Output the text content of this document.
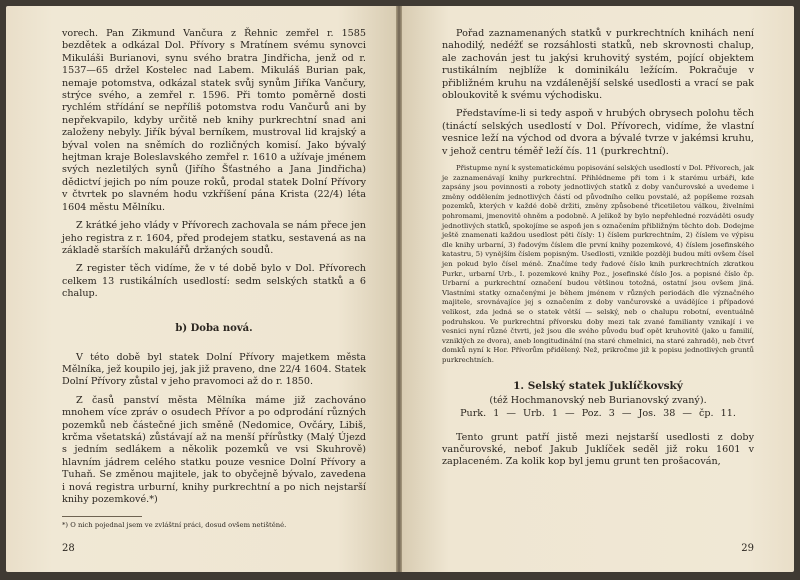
vorech. Pan Zikmund Vančura z Řehnic zemřel r. 1585 bezdětek a odkázal Dol. Přívory s Mratínem svému synovci Mikuláši Burianovi, synu svého bratra Jindřicha, jenž od r. 1537—65 držel Kostelec nad Labem. Mikuláš Burian pak, nemaje potomstva, odkázal statek svůj synům Jiříka Vančury, strýce svého, a zemřel r. 1596. Při tomto poměrně dosti rychlém střídání se nepříliš potomstva rodu Vančurů ani by nepřekvapilo, kdyby určitě neb knihy purkrechtní snad ani založeny nebyly. Jiřík býval berníkem, mustroval lid krajský a býval volen na sněmích do rozličných komisí. Jako bývalý hejtman kraje Boleslavského zemřel r. 1610 a užívaje jménem svých nezletilých synů (Jiřího Šťastného a Jana Jindřicha) dědictví jejich po ním pouze roků, prodal statek Dolní Přívory v čtvrtek po slavném hodu vzkříšení pána Krista (22/4) léta 1604 městu Mělníku.

Z krátké jeho vlády v Přívorech zachovala se nám přece jen jeho registra z r. 1604, před prodejem statku, sestavená as na základě starších makulářů držaných soudů.

Z register těch vidíme, že v té době bylo v Dol. Přívorech celkem 13 rustikálních usedlostí: sedm selských statků a 6 chalup.

b) Doba nová.

V této době byl statek Dolní Přívory majetkem města Mělníka, jež koupilo jej, jak již praveno, dne 22/4 1604. Statek Dolní Přívory zůstal v jeho pravomoci až do r. 1850.

Z časů panství města Mělníka máme již zachováno mnohem více zpráv o osudech Přívor a po odprodání různých pozemků neb částečné jich směně (Nedomice, Ovčáry, Libiš, krčma všetatská) zůstávají až na menší přírůstky (Malý Újezd s jedním sedlákem a několik pozemků ve vsi Skuhrově) hlavním jádrem celého statku pouze vesnice Dolní Přívory a Tuhaň. Se změnou majitele, jak to obyčejně bývalo, zavedena i nová registra urburní, knihy purkrechtní a po nich nejstarší knihy pozemkové.*)

*) O nich pojednal jsem ve zvláštní práci, dosud ovšem netištěné.

28

Pořad zaznamenaných statků v purkrechtních knihách není nahodilý, nedéžť se rozsáhlosti statků, neb skrovnosti chalup, ale zachován jest tu jakýsi kruhovitý systém, pojící objektem rustikálním nejblíže k dominikálu ležícím. Pokračuje v přibližném kruhu na vzdálenější selské usedlosti a vrací se pak obloukovitě k svému východisku.

Představíme-li si tedy aspoň v hrubých obrysech polohu těch (tináctí selských usedlostí v Dol. Přívorech, vidíme, že vlastní vesnice leží na východ od dvora a bývalé tvrze v jakémsi kruhu, v jehož centru téměř leží čís. 11 (purkrechtní).

Přistupme nyní k systematickému popisování selských usedlostí v Dol. Přívorech, jak je zaznamenávají knihy purkrechtní. Přihlédneme při tom i k starému urbáři, kde zapsány jsou povinnosti a roboty jednotlivých statků z doby vančurovské a uvedeme i změny oddělením jednotlivých částí od původního celku povstalé, až popíšeme rozsah pozemků, kterých v každé době držiti, změny způsobené třicetiletou válkou, živelními pohromami, jmenovitě ohněm a podobně. A jelikož by bylo nepřehledné rozváděti osudy jednotlivých statků, spokojíme se aspoň jen s označením přibližným těchto dob. Dodejme ještě znamenati každou usedlost pěti čísly: 1) číslem purkrechtním, 2) číslem ve výpisu dle knihy urbarní, 3) řadovým číslem dle první knihy pozemkové, 4) číslem josefinského katastru, 5) vynějším číslem popisným. Usedlosti, vznikle později budou míti ovšem čísel jen pokud bylo čísel méně. Značíme tedy řadové číslo knih purkrechtních zkratkou Purkr., urbarní Urb., I. pozemkové knihy Poz., josefinské číslo Jos. a popisné číslo čp. Urbarní a purkrechtní označení budou většinou totožná, ostatní jsou ovšem jiná. Vlastními statky označenými je během jménem v různých periodách dle význačného majitele, srovnávajíce jej s označením z doby vančurovské a uvádějíce i případové velikost, zda jedná se o statek větší — selský, neb o chalupu robotní, eventuálně podruhskou. Ve purkrechtní přívorsku doby mezi tak zvané familianty vznikají i ve vesnici nyní různé čtvrti, jež jsou dle svého původu buď opět kruhovitě (jako u familií, vzniklých ze dvora), aneb longitudinální (na staré chmelnici, na staré zahradě), neb čtvrť domků nyní k Hor. Přívorům přidělený. Než, prikročme již k popisu jednotlivých gruntů purkrechtních.

1. Selský statek Juklíčkovský
(též Hochmanovský neb Burianovský zvaný).
Purk. 1 — Urb. 1 — Poz. 3 — Jos. 38 — čp. 11.

Tento grunt patří jistě mezi nejstarší usedlosti z doby vančurovské, neboť Jakub Juklíček seděl již roku 1601 v zaplaceném. Za kolik kop byl jemu grunt ten prošacován,

29
